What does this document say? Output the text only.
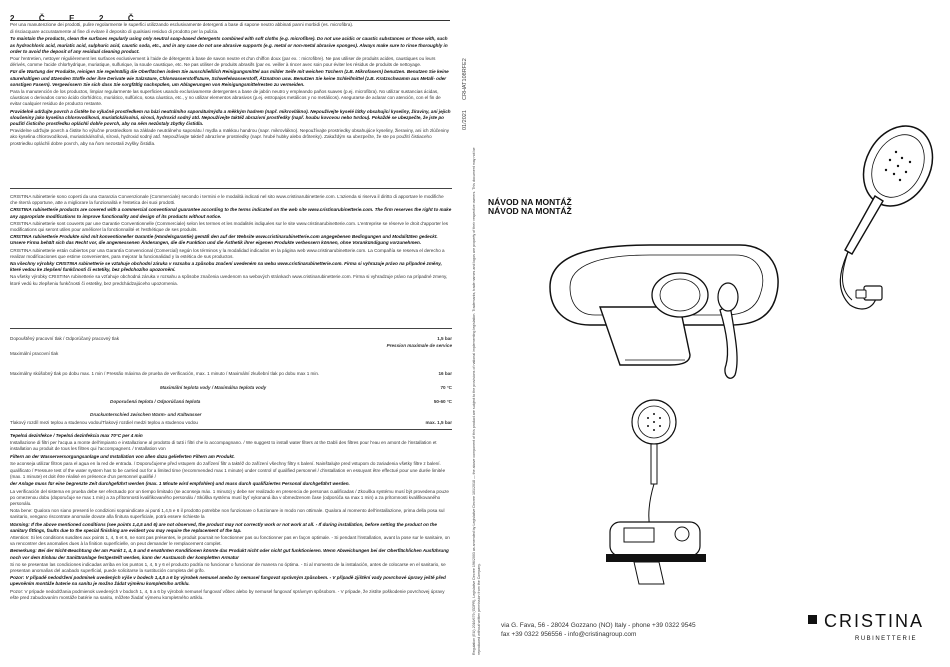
2	Č	E	2	Č

Per una manutenzione dei prodotti, pulire regolarmente le superfici utilizzando esclusivamente detergenti a base di sapone neutro abbinati panni morbidi (es. microfibra).

di risciacquare accuratamente al fine di evitare il deposito di qualsiasi residuo di prodotto per la pulizia.

To maintain the products, clean the surfaces regularly using only neutral soap-based detergents combined with soft cloths (e.g. microfibre). Do not use acidic or caustic substances or those with, such as hydrochloric acid, muriatic acid, sulphuric acid, caustic soda, etc., and in any case do not use abrasive supports (e.g. metal or non-metal abrasive sponges). Always make sure to rinse thoroughly in order to avoid the deposit of any residual cleaning product.

Pour l'entretien, nettoyer régulièrement les surfaces exclusivement à l'aide de détergents à base de savon neutre et d'un chiffon doux (par ex. : microfibre). Ne pas utiliser de produits acides, caustiques ou leurs dérivés, comme l'acide chlorhydrique, muriatique, sulfurique, la soude caustique, etc. Ne pas utiliser de produits abrasifs (par ex. veiller à rincer avec soin pour éviter les résidus de produits de nettoyage.

Für die Wartung der Produkte, reinigen Sie regelmäßig die Oberflächen indem Sie ausschließlich Reinigungsmittel aus milder Seife mit weichen Tüchern (z.B. Mikrofasern) benutzen. Benutzen Sie keine säurehaltigen und ätzenden Stoffe oder ihre Derivate wie Salzsäure, Chlorwasserstoffsäure, Schwefelwasserstoff, Ätznatron usw. Benutzen Sie keine Schleifmittel (z.B. Kratzschwamm aus Metall- oder sonstigen Fasern). Vergewissern Sie sich dass Sie sorgfältig nachspülen, um Ablagerungen von Reinigungsmittelresten zu vermeiden.

Para la manutención de los productos, limpiar regularmente las superficies usando exclusivamente detergentes a base de jabón neutro y empleando paños suaves (p.ej. microfibra). No utilizar sustancias ácidas, cáusticas o derivados como ácido clorhídrico, muriático, sulfúrico, sosa cáustica, etc., y no utilizar elementos abrasivos (p.ej. estropajos metálicos y no metálicos). Asegurarse de aclarar con atención, con el fin de evitar cualquier residuo de producto restante.

Pravidelně udržujte povrch a čistěte ho výlučně prostředkem na bázi neutrálního saponátu/mýdla a měkkým hadrem (např. mikrovlákno). Nepoužívejte kyselé látky obsahující kyseliny, žíraviny, ani jejich sloučeniny jako kyselina chlorovodíková, muriatická/solná, sírová, hydroxid sodný atd. Nepoužívejte taktéž abrazivní prostředky (např. houbu kovovou nebo tvrdou). Pokaždé se ubezpečte, že jste po použití čisticího prostředku opláchli dobře povrch, aby na něm nezůstaly zbytky čistidla.

Pravidelne udržujte povrch a čistite ho výlučne prostriedkom na základe neutrálneho saponátu / mydla a mäkkou handrou (napr. mikrovlákno). Nepoužívajte prostriedky obsahujúce kyseliny, žieraviny, ani ich zlúčeniny ako kyselina chlorovodíková, muriatická/soľná, sírová, hydroxid sodný atď. Nepoužívajte taktiež abrazívne prostriedky (napr. hrubé hubky alebo drôtenky). Zakaždým sa ubezpečte, že ste po použití čistiaceho prostriedku opláchli dobre povrch, aby na ňom nezostali zvyšky čistidla.

CRISTINA rubinetterie sono coperti da una Garanzia Convenzionale (Commerciale) secondo i termini e le modalità indicati nel sito www.cristinarubinetterie.com. L'azienda si riserva il diritto di apportare le modifiche che riterrà opportune, atte a migliorare la funzionalità e l'estetica dei suoi prodotti.

CRISTINA rubinetterie products are covered with a commercial conventional guarantee according to the terms indicated on the web site www.cristinarubinetterie.com. The firm reserves the right to make any appropriate modifications to improve functionality and design of its products without notice.

CRISTINA rubinetterie sont couverts par une Garantie Conventionnelle (Commerciale) selon les termes et les modalités indiquées sur le site www.cristinarubinetterie.com. L'entreprise se réserve le droit d'apporter les modifications qui seront utiles pour améliorer la fonctionnalité et l'esthétique de ses produits.

CRISTINA rubinetterie Produkte sind mit konventioneller Garantie (Handelsgarantie) gemäß den auf der Website www.cristinarubinetterie.com angegebenen Bedingungen und Modalitäten gedeckt. Unsere Firma behält sich das Recht vor, die angemessenen Änderungen, die die Funktion und die Ästhetik ihrer eigenen Produkte verbessern können, ohne Vorankündigung vorzunehmen.

CRISTINA rubinetterie están cubiertos por una Garantía Convencional (Comercial) según los términos y la modalidad indicados en la página web www.cristinarubinetterie.com. La Compañía se reserva el derecho a realizar modificaciones que estime convenientes, para mejorar la funcionalidad y la estética de sus productos.

Na všechny výrobky CRISTINA rubinetterie se vztahuje obchodní záruka v rozsahu a způsobu značení uvedeném na webu www.cristinarubinetterie.com. Firma si vyhrazuje právo na případné změny, které vedou ke zlepšení funkčnosti či estetiky, bez předchozího upozornění.

Na všetky výrobky CRISTINA rubinetterie sa vzťahuje obchodná záruka v rozsahu a spôsobe značenia uvedenom na webových stránkach www.cristinarubinetterie.com. Firma si vyhradzuje právo na prípadné zmeny, ktoré vedú ku zlepšeniu funkčnosti či estetiky, bez predchádzajúceho upozornenia.

Dopouštěný pracovní tlak / Odporúčaný pracovný tlak	1,5 bar
Pression maximale de service
Maximální pracovní tlak
Maximálny skúšobný tlak po dobu max. 1 min / Pressão máxima de prueba de verificación, max. 1 minuto / Maximální zkušební tlak po dobu max 1 min.	16 bar
Maximální teplota vody / Maximálna teplota vody	70 °C
Doporučená teplota / Odporúčaná teplota	50-60 °C
Druckunterschied zwischen Warm- und Kaltwasser
Tlakový rozdíl mezi teplou a studenou vodou/Tlakový rozdiel medzi teplou a studenou vodou	max. 1,5 bar

Tepelná dezinfekce / Tepelná dezinfekcia max 70°C per 4 min

Installazione di filtri per l'acqua a monte dell'impianto e installazione al prodotto di tutti i filtri che lo accompagnano. / We suggest to install water filters at the Dabli des filtres pour l'eau en amont de l'installation et installation au produit de tous les filtres qui l'accompagnent. / Installation von

Filtern an der Wasserversorgungsanlage und Installation von allen dazu gelieferten Filtern am Produkt.

Se aconseja utilizar filtros para el agua en la red de entrada. / Doporučujeme před vstupem do zařízení filtr a taktéž do zařízení všechny filtry s balení. Nainštalujte pred vstupom do zariadenia všetky filtre z balení.

qualificato / Pressure test of the water system has to be carried out for a limited time (recommended max 1 minute) under control of qualified personnel / d'installation en essuyant être effectué pour une durée limitée (max. 1 minute) et doit être réalisé en présence d'un personnel qualifié /

der Anlage muss für eine begrenzte Zeit durchgeführt werden (max. 1 Minute wird empfohlen) und muss durch qualifiziertes Personal durchgeführt werden.

La verificación del sistema en prueba debe ser efectuado por un tiempo limitado (se aconseja máx. 1 minuto) y debe ser realizado en presencia de personas cualificadas / Zkouška systému musí být provedena pouze po omezenou dobu (doporučuje se max 1 min) a za přítomnosti kvalifikovaného personálu / Skúška systému musí byť vykonaná iba v obmedzenom čase (odporúča sa max 1 min) a za prítomnosti kvalifikovaného personálu.

Nota bene: Qualora non siano presenti le condizioni sopraindicate ai punti 1,4,5 e 6 il prodotto potrebbe non funzionare o funzionare in modo non ottimale. Qualora al momento dell'installazione, prima della posa sul sanitario, vengano riscontrate anomalie dovute alla finitura superficiale, potrà essere richieste la

Warning: If the above mentioned conditions (see points 1,4,5 and 6) are not observed, the product may not correctly work or not work at all. - If during installation, before setting the product on the sanitary fittings, faults due to the special finishing are evident you may require the replacement of the tap.

Attention: Si les conditions susdites aux points 1, 4, 5 et 6, ne sont pas présentes, le produit pourrait ne fonctionner pas ou fonctionner pas en façon optimale. - Si pendant l'installation, avant la pose sur le sanitaire, on va rencontrer des anomalies dues à la finition superficielle, on peut demander le remplacement complet.

Bemerkung: Bei der Nicht-Beachtung der am Punkt 1, 4, 5 und 6 erwähnten Konditionen könnte das Produkt nicht oder nicht gut funktionieren. Wenn Abweichungen bei der Oberflächlichen Ausführung noch vor dem Einbau der Sanitäranlage festgestellt werden, kann der Austausch der kompletten Armatur

Si no se presentan las condiciones indicadas arriba en los puntos 1, 4, 5 y 6 el producto podría no funcionar o funcionar de manera no óptima. - Si al momento de la instalación, antes de colocarse en el sanitario, se presentan anomalías del acabado superficial, puede solicitarse la sustitución completa del grifo.

Pozor: V případě nedodržení podmínek uvedených výše v bodech 1,4,5 a 6 by výrobek nemusel anebo by nemusel fungovat správným způsobem. - V případě zjištění vady povrchové úpravy ještě před upevněním montáže baterie na sanitu je možno žádat výměnu kompletního artiklu.

Pozor: V prípade nedodržania podmienok uvedených v bodoch 1, 4, 5 a 6 by výrobok nemusel fungovať vôbec alebo by nemusel fungovať správnym spôsobom. - V prípade, že zistíte poškodenie povrchovej úpravy ešte pred zabudovaním montáže batérie na sanitu, môžete žiadať výmenu kompletného artiklu.

01/2021
CRHAT108RFE2
Regulation (EU) 2016/679 (GDPR), Legislative Decree 196/2003 as amended by Legislative Decree 101/2018 — the above component of this product are subject to the provisions of national implementing legislation. Trademarks, trade names and logos are property of their respective owners. This document may not be reproduced without written permission from the Company.
NÁVOD NA MONTÁŽ
NÁVOD NA MONTÁŽ
via G. Fava, 56 - 28024 Gozzano (NO) Italy - phone +39 0322 9545
fax +39 0322 956556 - info@cristinagroup.com
CRISTINA
RUBINETTERIE
